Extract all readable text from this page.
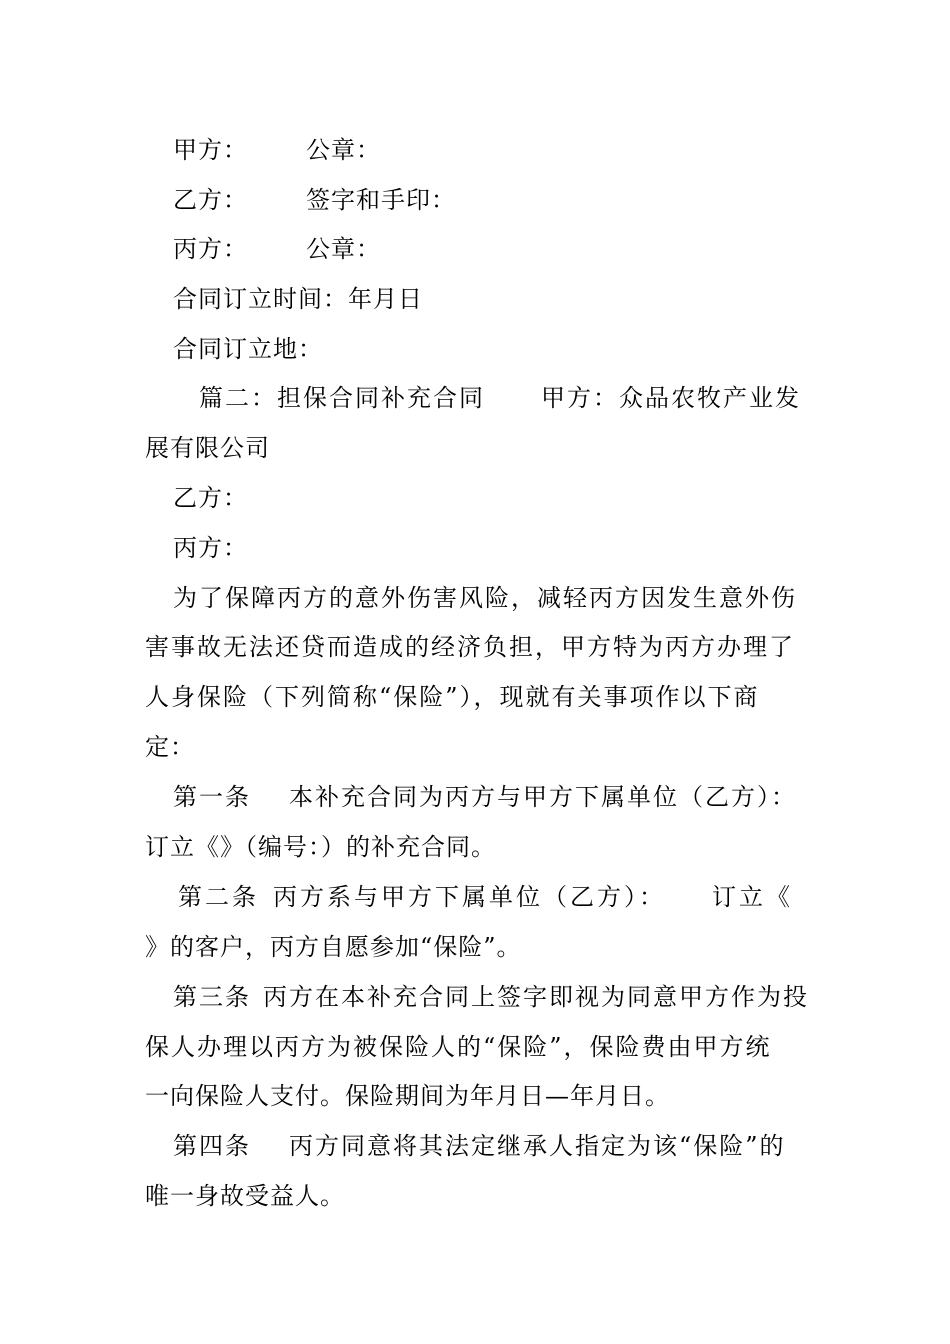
甲方： 公章：
乙方： 签字和手印：
丙方： 公章：
合同订立时间：年月日
合同订立地：
篇二：担保合同补充合同 甲方：众品农牧产业发
展有限公司
乙方：
丙方：
为了保障丙方的意外伤害风险，减轻丙方因发生意外伤
害事故无法还贷而造成的经济负担，甲方特为丙方办理了
人身保险（下列简称“保险”），现就有关事项作以下商
定：
第一条 本补充合同为丙方与甲方下属单位（乙方）：
订立《》（编号：）的补充合同。
第二条 丙方系与甲方下属单位（乙方）： 订立《
》的客户，丙方自愿参加“保险”。
第三条 丙方在本补充合同上签字即视为同意甲方作为投
保人办理以丙方为被保险人的“保险”，保险费由甲方统
一向保险人支付。保险期间为年月日—年月日。
第四条 丙方同意将其法定继承人指定为该“保险”的
唯一身故受益人。
